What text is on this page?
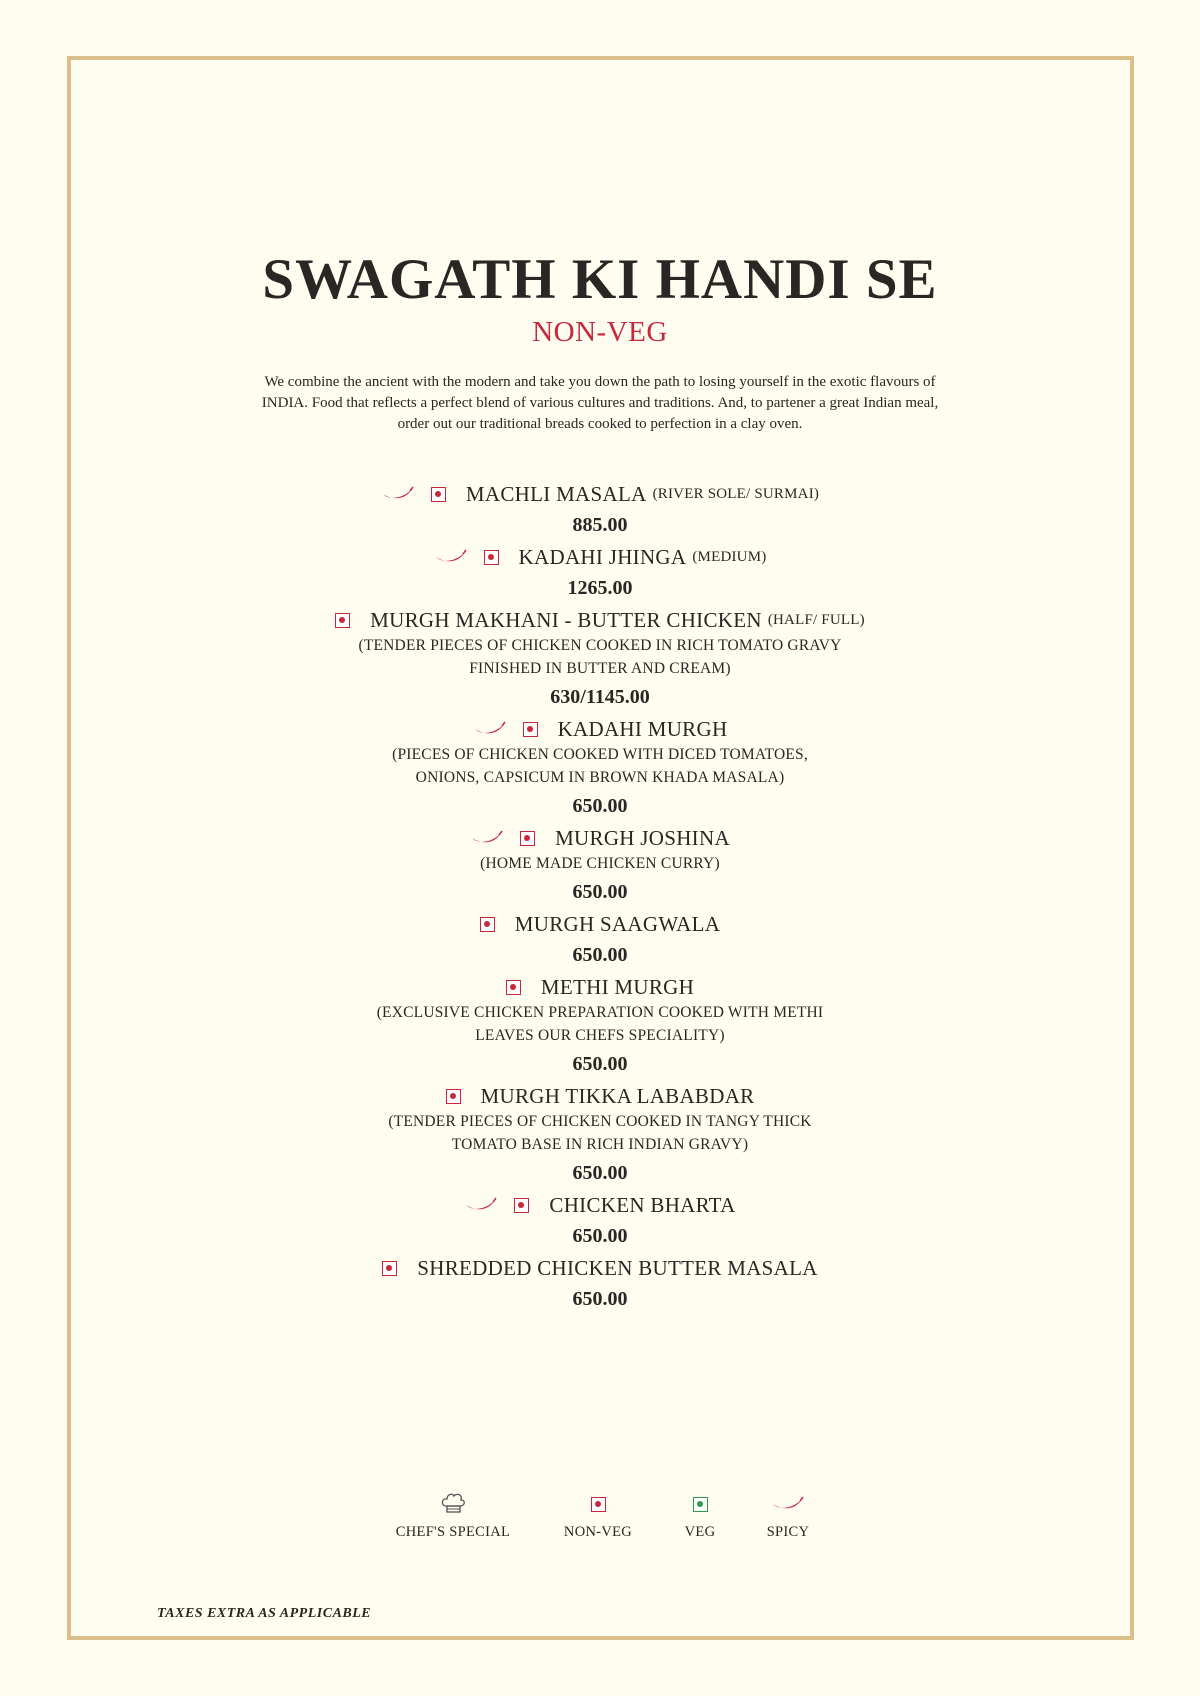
SWAGATH KI HANDI SE
NON-VEG
We combine the ancient with the modern and take you down the path to losing yourself in the exotic flavours of
INDIA. Food that reflects a perfect blend of various cultures and traditions. And, to partener a great Indian meal,
order out our traditional breads cooked to perfection in a clay oven.
MACHLI MASALA (RIVER SOLE/ SURMAI)
885.00
KADAHI JHINGA (MEDIUM)
1265.00
MURGH MAKHANI - BUTTER CHICKEN (HALF/ FULL)
(TENDER PIECES OF CHICKEN COOKED IN RICH TOMATO GRAVY
FINISHED IN BUTTER AND CREAM)
630/1145.00
KADAHI MURGH
(PIECES OF CHICKEN COOKED WITH DICED TOMATOES,
ONIONS, CAPSICUM IN BROWN KHADA MASALA)
650.00
MURGH JOSHINA
(HOME MADE CHICKEN CURRY)
650.00
MURGH SAAGWALA
650.00
METHI MURGH
(EXCLUSIVE CHICKEN PREPARATION COOKED WITH METHI
LEAVES OUR CHEFS SPECIALITY)
650.00
MURGH TIKKA LABABDAR
(TENDER PIECES OF CHICKEN COOKED IN TANGY THICK
TOMATO BASE IN RICH INDIAN GRAVY)
650.00
CHICKEN BHARTA
650.00
SHREDDED CHICKEN BUTTER MASALA
650.00
CHEF'S SPECIAL	NON-VEG	VEG	SPICY
TAXES EXTRA AS APPLICABLE
